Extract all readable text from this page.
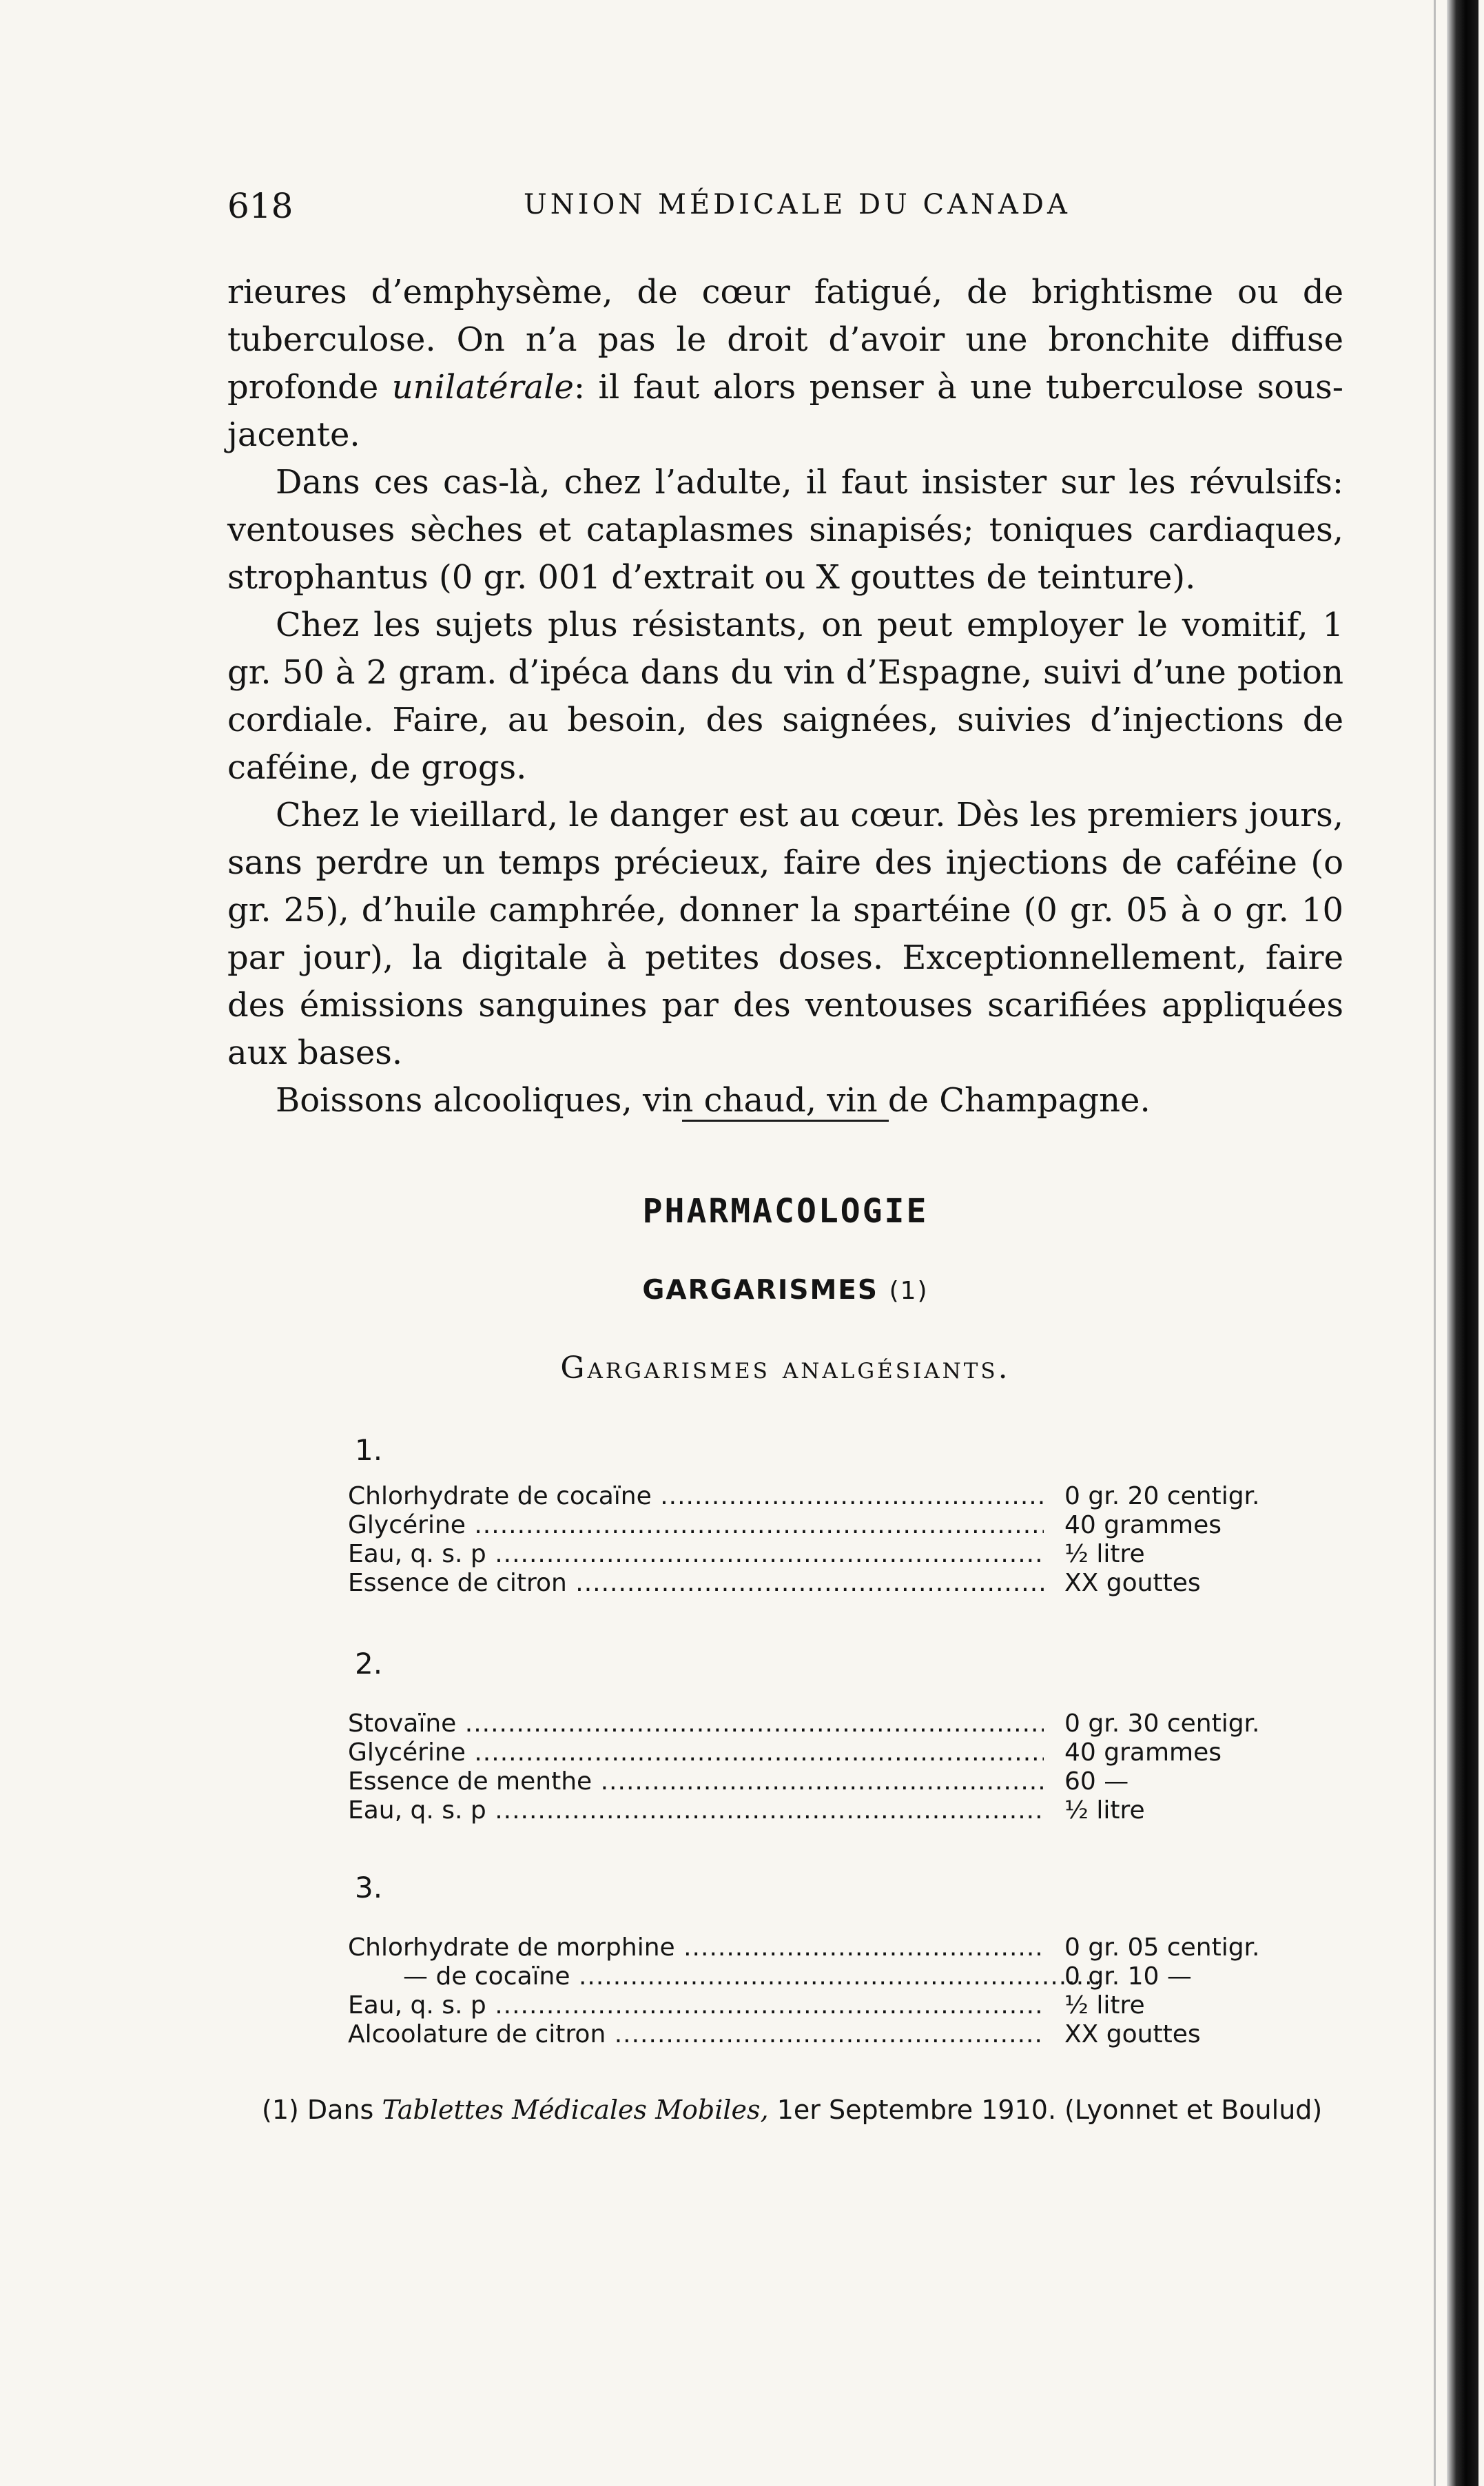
618	UNION MÉDICALE DU CANADA

rieures d’emphysème, de cœur fatigué, de brightisme ou de tuberculose. On n’a pas le droit d’avoir une bronchite diffuse profonde unilatérale: il faut alors penser à une tuberculose sous-jacente.

Dans ces cas-là, chez l’adulte, il faut insister sur les révulsifs: ventouses sèches et cataplasmes sinapisés; toniques cardiaques, strophantus (0 gr. 001 d’extrait ou X gouttes de teinture).

Chez les sujets plus résistants, on peut employer le vomitif, 1 gr. 50 à 2 gram. d’ipéca dans du vin d’Espagne, suivi d’une potion cordiale. Faire, au besoin, des saignées, suivies d’injections de caféine, de grogs.

Chez le vieillard, le danger est au cœur. Dès les premiers jours, sans perdre un temps précieux, faire des injections de caféine (o gr. 25), d’huile camphrée, donner la spartéine (0 gr. 05 à o gr. 10 par jour), la digitale à petites doses. Exceptionnellement, faire des émissions sanguines par des ventouses scarifiées appliquées aux bases.

Boissons alcooliques, vin chaud, vin de Champagne.

PHARMACOLOGIE
GARGARISMES (1)
Gargarismes analgésiants.
1.
Chlorhydrate de cocaïne .....	0 gr. 20 centigr.
Glycérine .....	40 grammes
Eau, q. s. p .....	½ litre
Essence de citron .....	XX gouttes
2.
Stovaïne .....	0 gr. 30 centigr.
Glycérine .....	40 grammes
Essence de menthe .....	60 —
Eau, q. s. p .....	½ litre
3.
Chlorhydrate de morphine .....	0 gr. 05 centigr.
— de cocaïne .....	0 gr. 10 —
Eau, q. s. p .....	½ litre
Alcoolature de citron .....	XX gouttes
(1) Dans Tablettes Médicales Mobiles, 1er Septembre 1910. (Lyonnet et Boulud)
